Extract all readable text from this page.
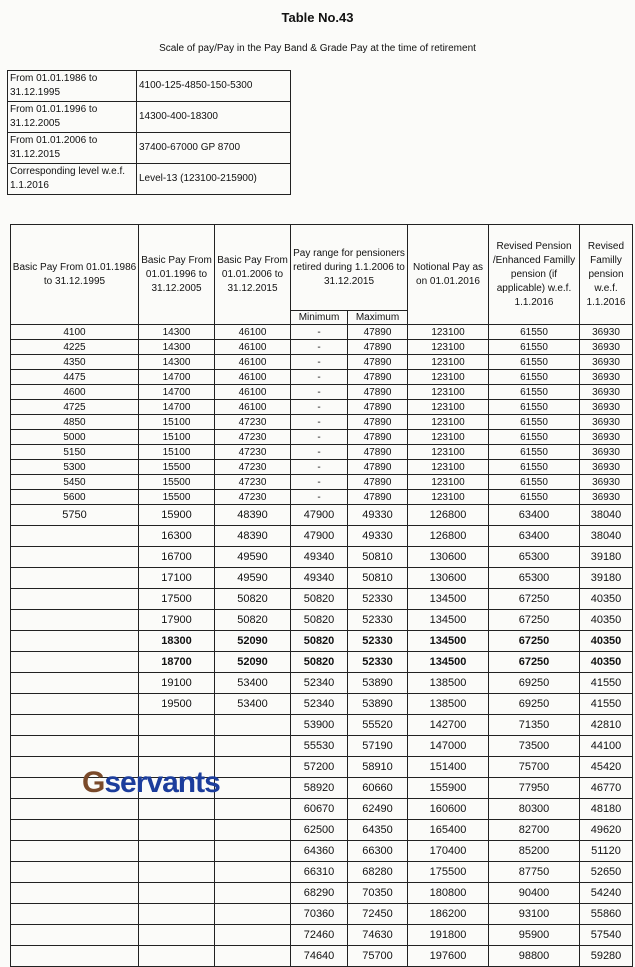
Table No.43
Scale of pay/Pay in the Pay Band & Grade Pay at the time of retirement
From 01.01.1986 to 31.12.1995	4100-125-4850-150-5300
From 01.01.1996 to 31.12.2005	14300-400-18300
From 01.01.2006 to 31.12.2015	37400-67000 GP 8700
Corresponding level w.e.f. 1.1.2016	Level-13 (123100-215900)
Basic Pay From 01.01.1986 to 31.12.1995	Basic Pay From 01.01.1996 to 31.12.2005	Basic Pay From 01.01.2006 to 31.12.2015	Pay range for pensioners retired during 1.1.2006 to 31.12.2015		Notional Pay as on 01.01.2016	Revised Pension /Enhanced Familly pension (if applicable) w.e.f. 1.1.2016	Revised Familly pension w.e.f. 1.1.2016
			Minimum	Maximum			
4100	14300	46100	-	47890	123100	61550	36930
4225	14300	46100	-	47890	123100	61550	36930
4350	14300	46100	-	47890	123100	61550	36930
4475	14700	46100	-	47890	123100	61550	36930
4600	14700	46100	-	47890	123100	61550	36930
4725	14700	46100	-	47890	123100	61550	36930
4850	15100	47230	-	47890	123100	61550	36930
5000	15100	47230	-	47890	123100	61550	36930
5150	15100	47230	-	47890	123100	61550	36930
5300	15500	47230	-	47890	123100	61550	36930
5450	15500	47230	-	47890	123100	61550	36930
5600	15500	47230	-	47890	123100	61550	36930
5750	15900	48390	47900	49330	126800	63400	38040
	16300	48390	47900	49330	126800	63400	38040
	16700	49590	49340	50810	130600	65300	39180
	17100	49590	49340	50810	130600	65300	39180
	17500	50820	50820	52330	134500	67250	40350
	17900	50820	50820	52330	134500	67250	40350
	18300	52090	50820	52330	134500	67250	40350
	18700	52090	50820	52330	134500	67250	40350
	19100	53400	52340	53890	138500	69250	41550
	19500	53400	52340	53890	138500	69250	41550
			53900	55520	142700	71350	42810
			55530	57190	147000	73500	44100
			57200	58910	151400	75700	45420
			58920	60660	155900	77950	46770
			60670	62490	160600	80300	48180
			62500	64350	165400	82700	49620
			64360	66300	170400	85200	51120
			66310	68280	175500	87750	52650
			68290	70350	180800	90400	54240
			70360	72450	186200	93100	55860
			72460	74630	191800	95900	57540
			74640	75700	197600	98800	59280
Gservants
